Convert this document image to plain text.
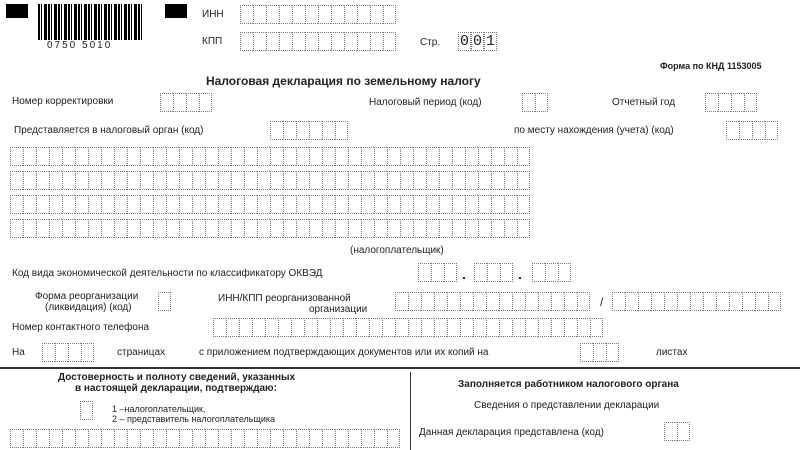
0750 5010
ИНН
КПП	Стр. 0 0 1
Форма по КНД 1153005
Налоговая декларация по земельному налогу
Номер корректировки	Налоговый период (код)	Отчетный год
Представляется в налоговый орган (код)	по месту нахождения (учета) (код)
(налогоплательщик)
Код вида экономической деятельности по классификатору ОКВЭД	.	.
Форма реорганизации
(ликвидация) (код)
ИНН/КПП реорганизованной
организации
/
Номер контактного телефона
На	страницах	с приложением подтверждающих документов или их копий на	листах
Достоверность и полноту сведений, указанных
в настоящей декларации, подтверждаю:
1 –налогоплательщик,
2 – представитель налогоплательщика
Заполняется работником налогового органа
Сведения о представлении декларации
Данная декларация представлена (код)
